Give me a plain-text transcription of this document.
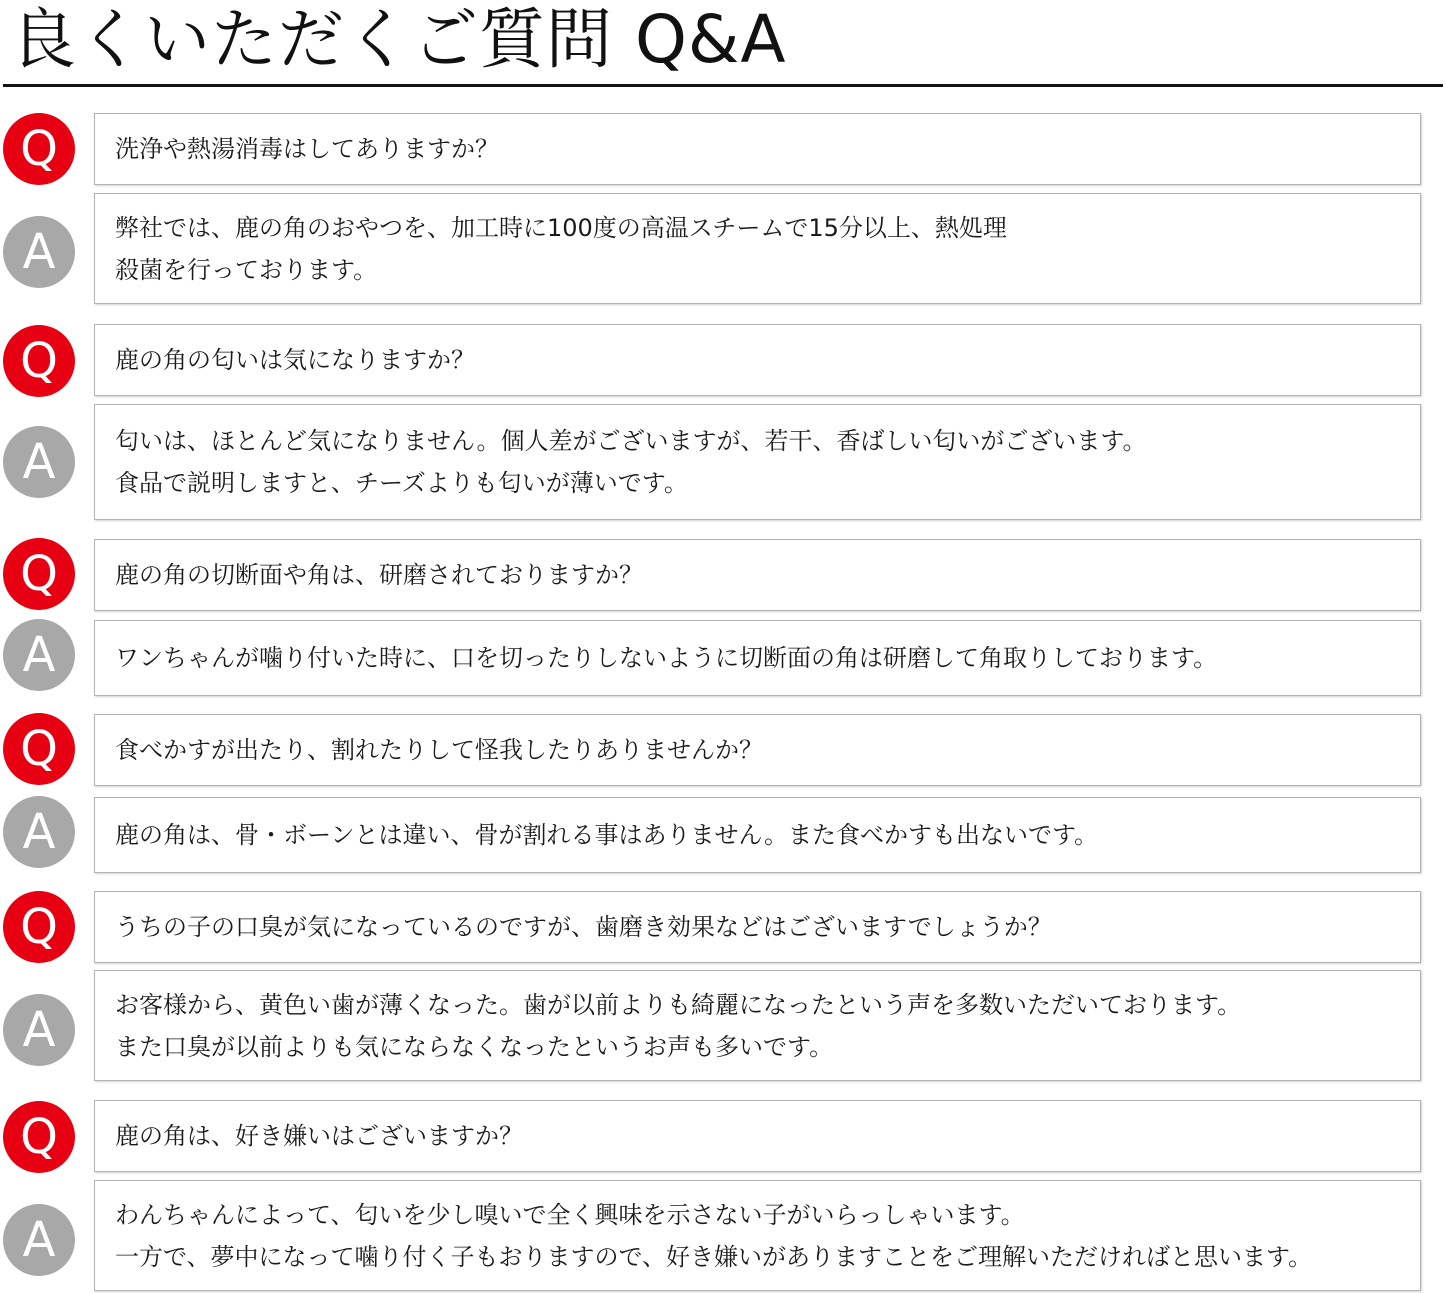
良くいただくご質問 Q&A
Q	洗浄や熱湯消毒はしてありますか？
A	弊社では、鹿の角のおやつを、加工時に100度の高温スチームで15分以上、熱処理
殺菌を行っております。
Q	鹿の角の匂いは気になりますか？
A	匂いは、ほとんど気になりません。個人差がございますが、若干、香ばしい匂いがございます。
食品で説明しますと、チーズよりも匂いが薄いです。
Q	鹿の角の切断面や角は、研磨されておりますか？
A	ワンちゃんが噛り付いた時に、口を切ったりしないように切断面の角は研磨して角取りしております。
Q	食べかすが出たり、割れたりして怪我したりありませんか？
A	鹿の角は、骨・ボーンとは違い、骨が割れる事はありません。また食べかすも出ないです。
Q	うちの子の口臭が気になっているのですが、歯磨き効果などはございますでしょうか？
A	お客様から、黄色い歯が薄くなった。歯が以前よりも綺麗になったという声を多数いただいております。
また口臭が以前よりも気にならなくなったというお声も多いです。
Q	鹿の角は、好き嫌いはございますか？
A	わんちゃんによって、匂いを少し嗅いで全く興味を示さない子がいらっしゃいます。
一方で、夢中になって噛り付く子もおりますので、好き嫌いがありますことをご理解いただければと思います。
